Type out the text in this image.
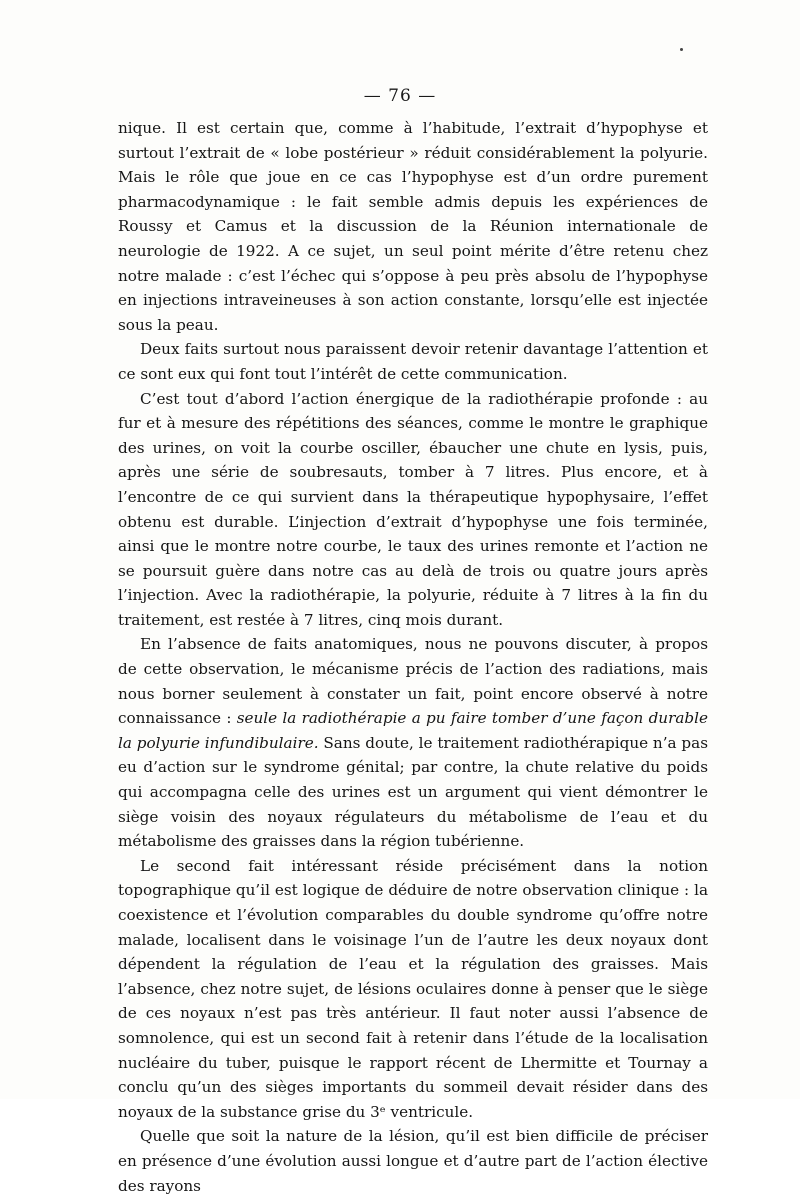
— 76 —

nique. Il est certain que, comme à l’habitude, l’extrait d’hypophyse et surtout l’extrait de « lobe postérieur » réduit considérablement la polyurie. Mais le rôle que joue en ce cas l’hypophyse est d’un ordre purement pharmacodynamique : le fait semble admis depuis les expériences de Roussy et Camus et la discussion de la Réunion internationale de neurologie de 1922. A ce sujet, un seul point mérite d’être retenu chez notre malade : c’est l’échec qui s’oppose à peu près absolu de l’hypophyse en injections intraveineuses à son action constante, lorsqu’elle est injectée sous la peau.

Deux faits surtout nous paraissent devoir retenir davantage l’attention et ce sont eux qui font tout l’intérêt de cette communication.

C’est tout d’abord l’action énergique de la radiothérapie profonde : au fur et à mesure des répétitions des séances, comme le montre le graphique des urines, on voit la courbe osciller, ébaucher une chute en lysis, puis, après une série de soubresauts, tomber à 7 litres. Plus encore, et à l’encontre de ce qui survient dans la thérapeutique hypophysaire, l’effet obtenu est durable. L’injection d’extrait d’hypophyse une fois terminée, ainsi que le montre notre courbe, le taux des urines remonte et l’action ne se poursuit guère dans notre cas au delà de trois ou quatre jours après l’injection. Avec la radiothérapie, la polyurie, réduite à 7 litres à la fin du traitement, est restée à 7 litres, cinq mois durant.

En l’absence de faits anatomiques, nous ne pouvons discuter, à propos de cette observation, le mécanisme précis de l’action des radiations, mais nous borner seulement à constater un fait, point encore observé à notre connaissance : seule la radiothérapie a pu faire tomber d’une façon durable la polyurie infundibulaire. Sans doute, le traitement radiothérapique n’a pas eu d’action sur le syndrome génital; par contre, la chute relative du poids qui accompagna celle des urines est un argument qui vient démontrer le siège voisin des noyaux régulateurs du métabolisme de l’eau et du métabolisme des graisses dans la région tubérienne.

Le second fait intéressant réside précisément dans la notion topographique qu’il est logique de déduire de notre observation clinique : la coexistence et l’évolution comparables du double syndrome qu’offre notre malade, localisent dans le voisinage l’un de l’autre les deux noyaux dont dépendent la régulation de l’eau et la régulation des graisses. Mais l’absence, chez notre sujet, de lésions oculaires donne à penser que le siège de ces noyaux n’est pas très antérieur. Il faut noter aussi l’absence de somnolence, qui est un second fait à retenir dans l’étude de la localisation nucléaire du tuber, puisque le rapport récent de Lhermitte et Tournay a conclu qu’un des sièges importants du sommeil devait résider dans des noyaux de la substance grise du 3ᵉ ventricule.

Quelle que soit la nature de la lésion, qu’il est bien difficile de préciser en présence d’une évolution aussi longue et d’autre part de l’action élective des rayons
